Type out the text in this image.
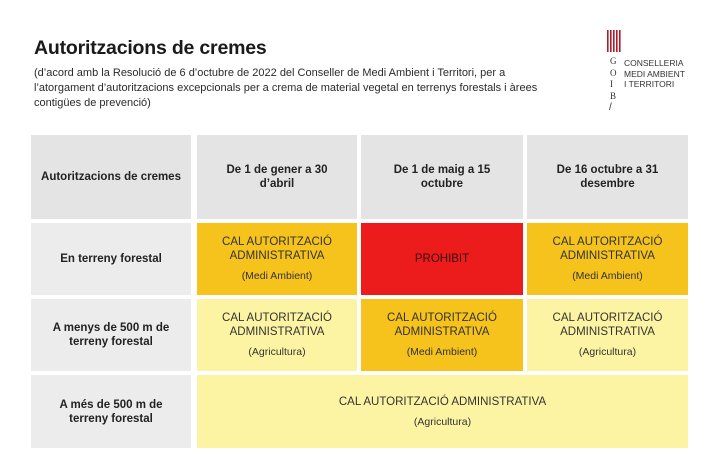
Autoritzacions de cremes
(d’acord amb la Resolució de 6 d’octubre de 2022 del Conseller de Medi Ambient i Territori, per a l’atorgament d’autoritzacions excepcionals per a crema de material vegetal en terrenys forestals i àrees contigües de prevenció)
G
O
I
B
/
CONSELLERIA
MEDI AMBIENT
I TERRITORI
Autoritzacions de cremes
De 1 de gener a 30 d’abril
De 1 de maig a 15 octubre
De 16 octubre a 31 desembre
En terreny forestal
CAL AUTORITZACIÓ ADMINISTRATIVA
(Medi Ambient)
PROHIBIT
CAL AUTORITZACIÓ ADMINISTRATIVA
(Medi Ambient)
A menys de 500 m de terreny forestal
CAL AUTORITZACIÓ ADMINISTRATIVA
(Agricultura)
CAL AUTORITZACIÓ ADMINISTRATIVA
(Medi Ambient)
CAL AUTORITZACIÓ ADMINISTRATIVA
(Agricultura)
A més de 500 m de terreny forestal
CAL AUTORITZACIÓ ADMINISTRATIVA
(Agricultura)
